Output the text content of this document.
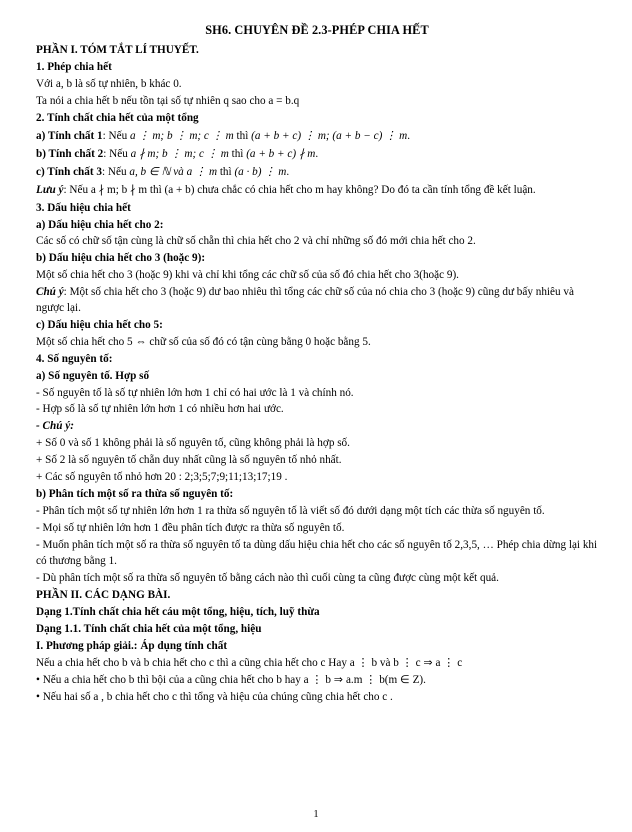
SH6. CHUYÊN ĐỀ 2.3-PHÉP CHIA HẾT

PHẦN I. TÓM TẮT LÍ THUYẾT.

1. Phép chia hết

Với a, b là số tự nhiên, b khác 0.

Ta nói a chia hết b nếu tồn tại số tự nhiên q sao cho a = b.q

2. Tính chất chia hết của một tổng

a) Tính chất 1: Nếu a ⋮ m; b ⋮ m; c ⋮ m thì (a + b + c) ⋮ m; (a + b − c) ⋮ m.

b) Tính chất 2: Nếu a ∤ m; b ⋮ m; c ⋮ m thì (a + b + c) ∤ m.

c) Tính chất 3: Nếu a, b ∈ ℕ và a ⋮ m thì (a · b) ⋮ m.

Lưu ý: Nếu a ∤ m; b ∤ m thì (a + b) chưa chắc có chia hết cho m hay không? Do đó ta cần tính tổng đề kết luận.

3. Dấu hiệu chia hết

a) Dấu hiệu chia hết cho 2:

Các số có chữ số tận cùng là chữ số chẵn thì chia hết cho 2 và chỉ những số đó mới chia hết cho 2.

b) Dấu hiệu chia hết cho 3 (hoặc 9):

Một số chia hết cho 3 (hoặc 9) khi và chỉ khi tổng các chữ số của số đó chia hết cho 3(hoặc 9).

Chú ý: Một số chia hết cho 3 (hoặc 9) dư bao nhiêu thì tổng các chữ số của nó chia cho 3 (hoặc 9) cũng dư bấy nhiêu và ngược lại.

c) Dấu hiệu chia hết cho 5:

Một số chia hết cho 5 ⇔ chữ số của số đó có tận cùng bằng 0 hoặc bằng 5.

4. Số nguyên tố:

a) Số nguyên tố. Hợp số

- Số nguyên tố là số tự nhiên lớn hơn 1 chỉ có hai ước là 1 và chính nó.

- Hợp số là số tự nhiên lớn hơn 1 có nhiều hơn hai ước.

- Chú ý:

+ Số 0 và số 1 không phải là số nguyên tố, cũng không phải là hợp số.

+ Số 2 là số nguyên tố chẵn duy nhất cũng là số nguyên tố nhỏ nhất.

+ Các số nguyên tố nhỏ hơn 20 : 2;3;5;7;9;11;13;17;19 .

b) Phân tích một số ra thừa số nguyên tố:

- Phân tích một số tự nhiên lớn hơn 1 ra thừa số nguyên tố là viết số đó dưới dạng một tích các thừa số nguyên tố.

- Mọi số tự nhiên lớn hơn 1 đều phân tích được ra thừa số nguyên tố.

- Muốn phân tích một số ra thừa số nguyên tố ta dùng dấu hiệu chia hết cho các số nguyên tố 2,3,5, … Phép chia dừng lại khi có thương bằng 1.

- Dù phân tích một số ra thừa số nguyên tố bằng cách nào thì cuối cùng ta cũng được cùng một kết quả.

PHẦN II. CÁC DẠNG BÀI.

Dạng 1.Tính chất chia hết cáu một tổng, hiệu, tích, luỹ thừa

Dạng 1.1. Tính chất chia hết của một tổng, hiệu

I. Phương pháp giải.: Áp dụng tính chất

Nếu a chia hết cho b và b chia hết cho c thì a cũng chia hết cho c Hay a ⋮ b và b ⋮ c ⇒ a ⋮ c

• Nếu a chia hết cho b thì bội của a cũng chia hết cho b hay a ⋮ b ⇒ a.m ⋮ b(m ∈ Z).

• Nếu hai số a , b chia hết cho c thì tổng và hiệu của chúng cũng chia hết cho c .

1
